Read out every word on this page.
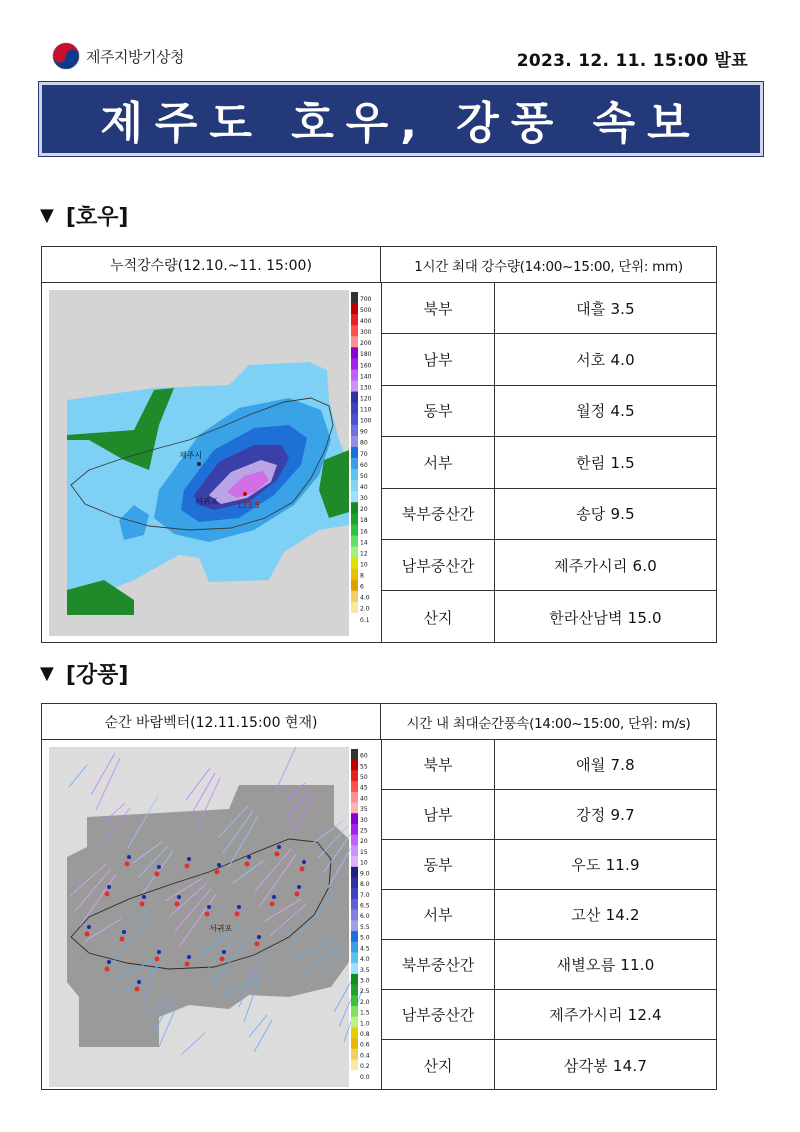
제주지방기상청	2023. 12. 11. 15:00 발표
제주도 호우, 강풍 속보
▼ [호우]
누적강수량(12.10.~11. 15:00)	1시간 최대 강수량(14:00~15:00, 단위: mm)
제주시
서귀포 123.5
700
500
400
300
200
180
160
140
130
120
110
100
90
80
70
60
50
40
30
20
18
16
14
12
10
8
6
4.0
2.0
0.1
북부	대흘 3.5
남부	서호 4.0
동부	월정 4.5
서부	한림 1.5
북부중산간	송당 9.5
남부중산간	제주가시리 6.0
산지	한라산남벽 15.0
▼ [강풍]
순간 바람벡터(12.11.15:00 현재)	시간 내 최대순간풍속(14:00~15:00, 단위: m/s)
서귀포
60
55
50
45
40
35
30
25
20
15
10
9.0
8.0
7.0
6.5
6.0
5.5
5.0
4.5
4.0
3.5
3.0
2.5
2.0
1.5
1.0
0.8
0.6
0.4
0.2
0.0
북부	애월 7.8
남부	강정 9.7
동부	우도 11.9
서부	고산 14.2
북부중산간	새별오름 11.0
남부중산간	제주가시리 12.4
산지	삼각봉 14.7
